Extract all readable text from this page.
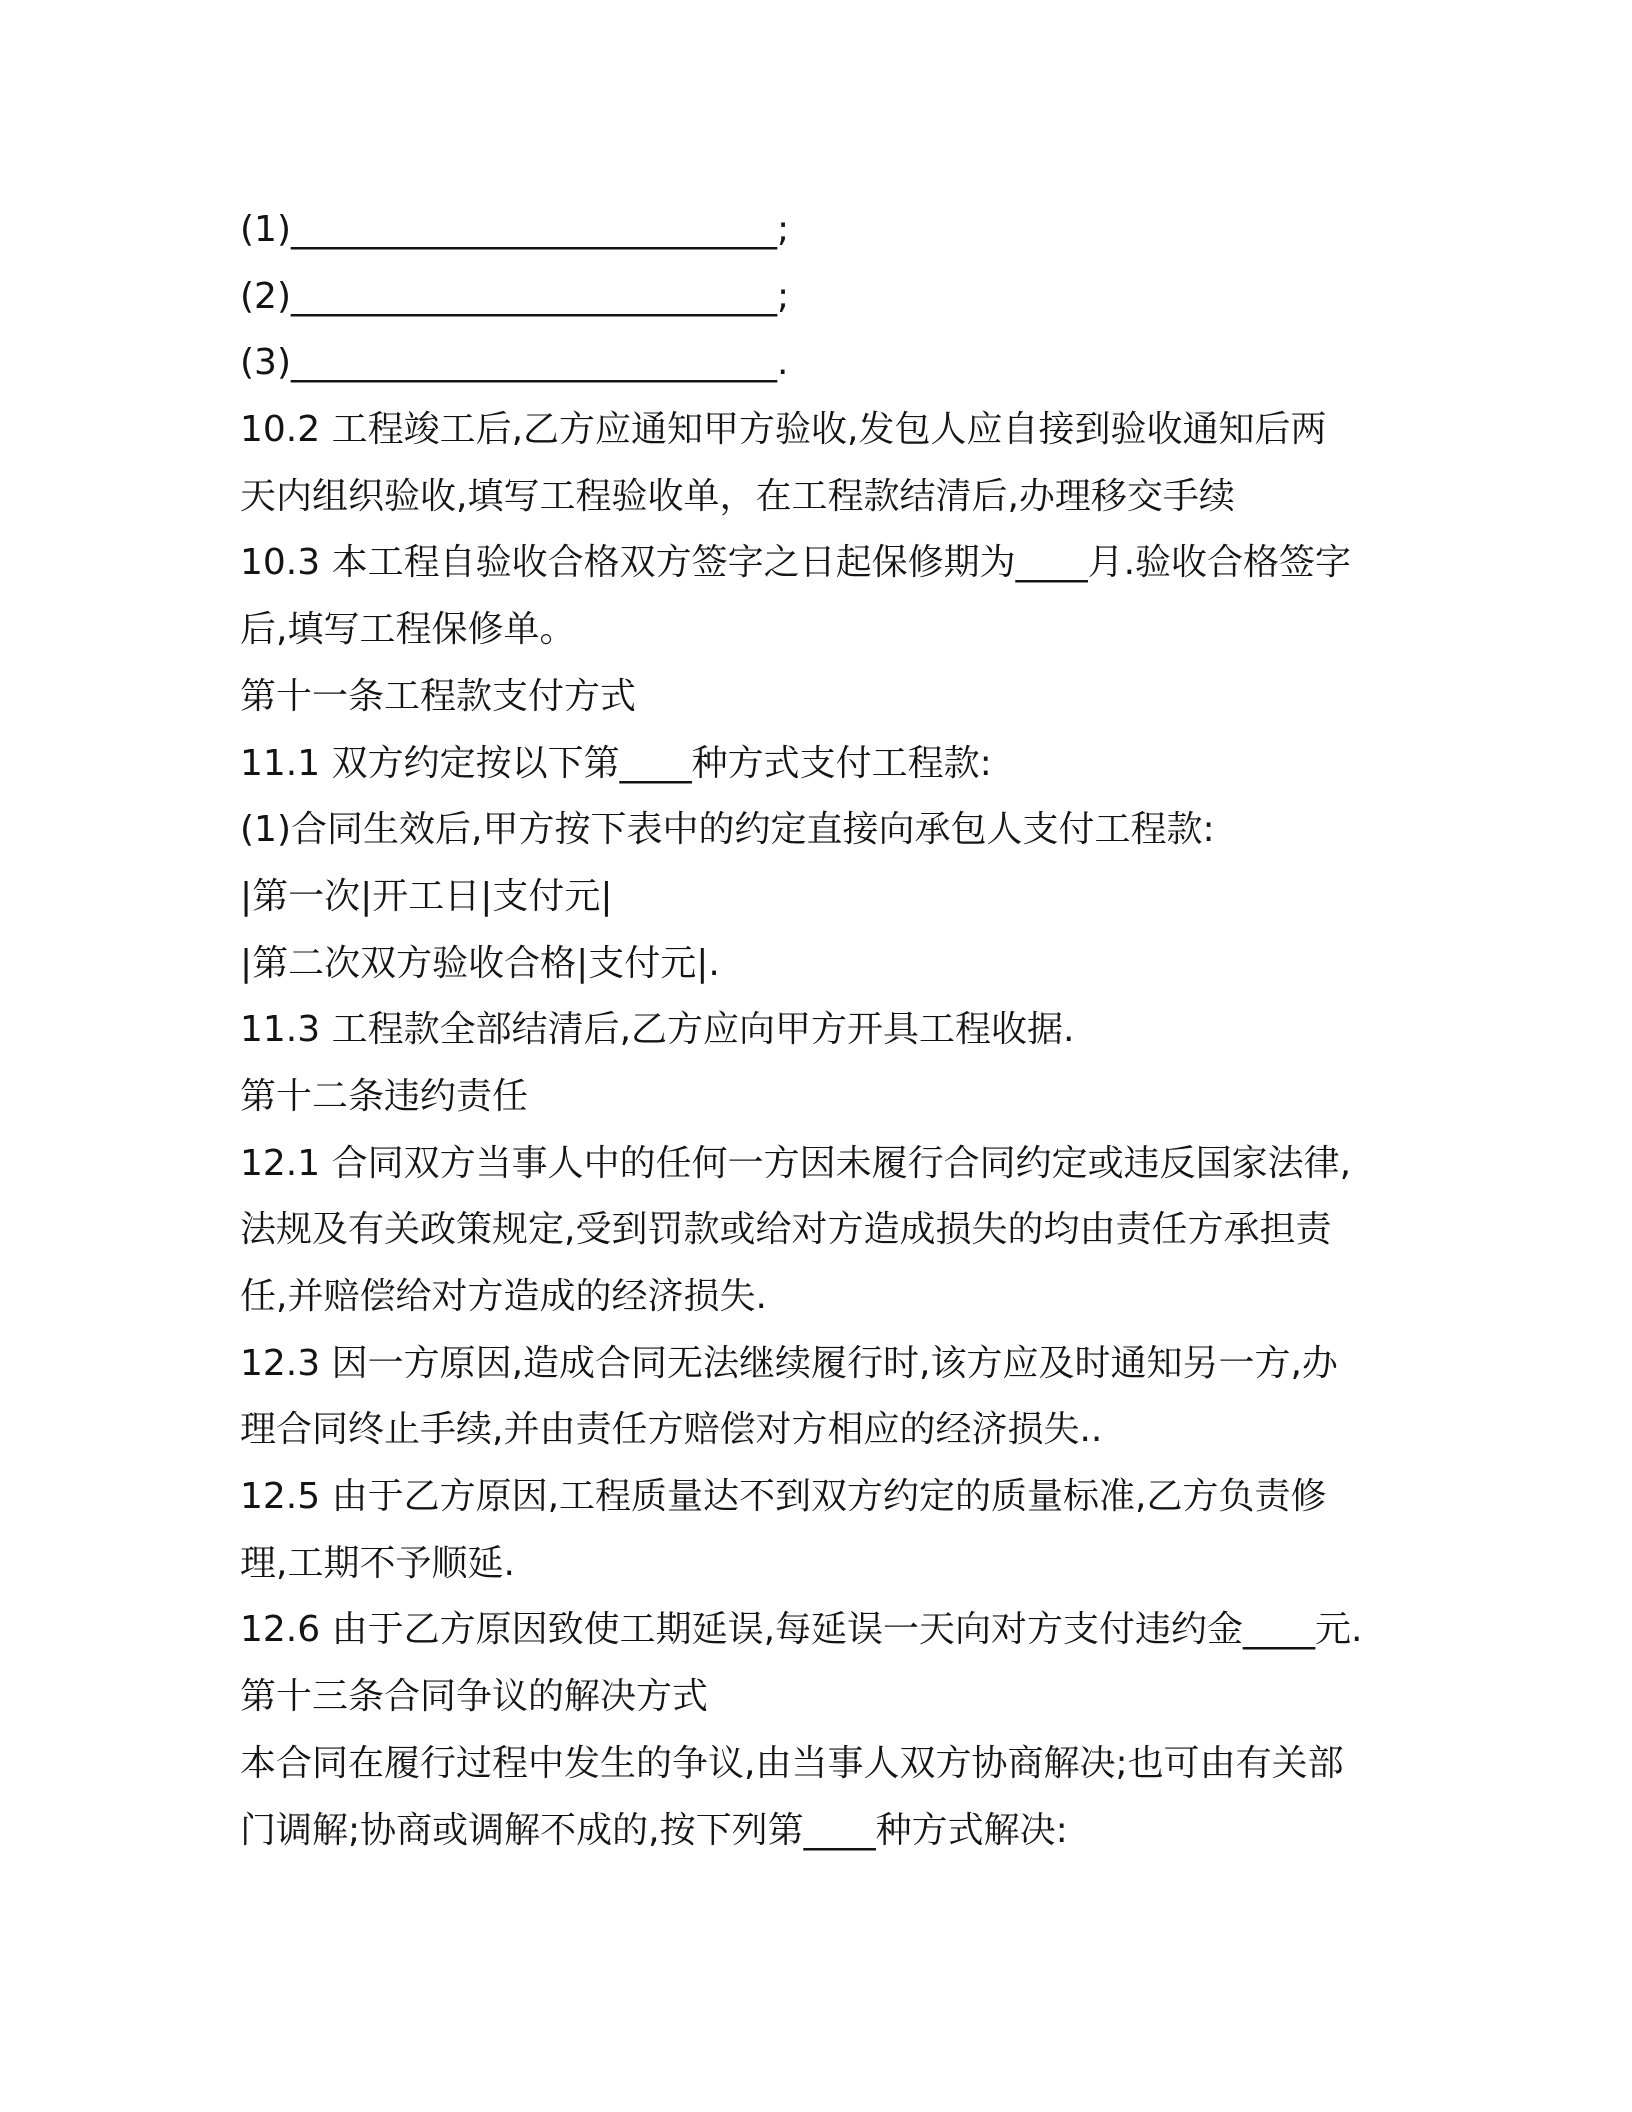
(1)___________________________;
(2)___________________________;
(3)___________________________.
10.2 工程竣工后,乙方应通知甲方验收,发包人应自接到验收通知后两
天内组织验收,填写工程验收单，在工程款结清后,办理移交手续
10.3 本工程自验收合格双方签字之日起保修期为____月.验收合格签字
后,填写工程保修单。
第十一条工程款支付方式
11.1 双方约定按以下第____种方式支付工程款:
(1)合同生效后,甲方按下表中的约定直接向承包人支付工程款:
|第一次|开工日|支付元|
|第二次双方验收合格|支付元|.
11.3 工程款全部结清后,乙方应向甲方开具工程收据.
第十二条违约责任
12.1 合同双方当事人中的任何一方因未履行合同约定或违反国家法律,
法规及有关政策规定,受到罚款或给对方造成损失的均由责任方承担责
任,并赔偿给对方造成的经济损失.
12.3 因一方原因,造成合同无法继续履行时,该方应及时通知另一方,办
理合同终止手续,并由责任方赔偿对方相应的经济损失..
12.5 由于乙方原因,工程质量达不到双方约定的质量标准,乙方负责修
理,工期不予顺延.
12.6 由于乙方原因致使工期延误,每延误一天向对方支付违约金____元.
第十三条合同争议的解决方式
本合同在履行过程中发生的争议,由当事人双方协商解决;也可由有关部
门调解;协商或调解不成的,按下列第____种方式解决:
